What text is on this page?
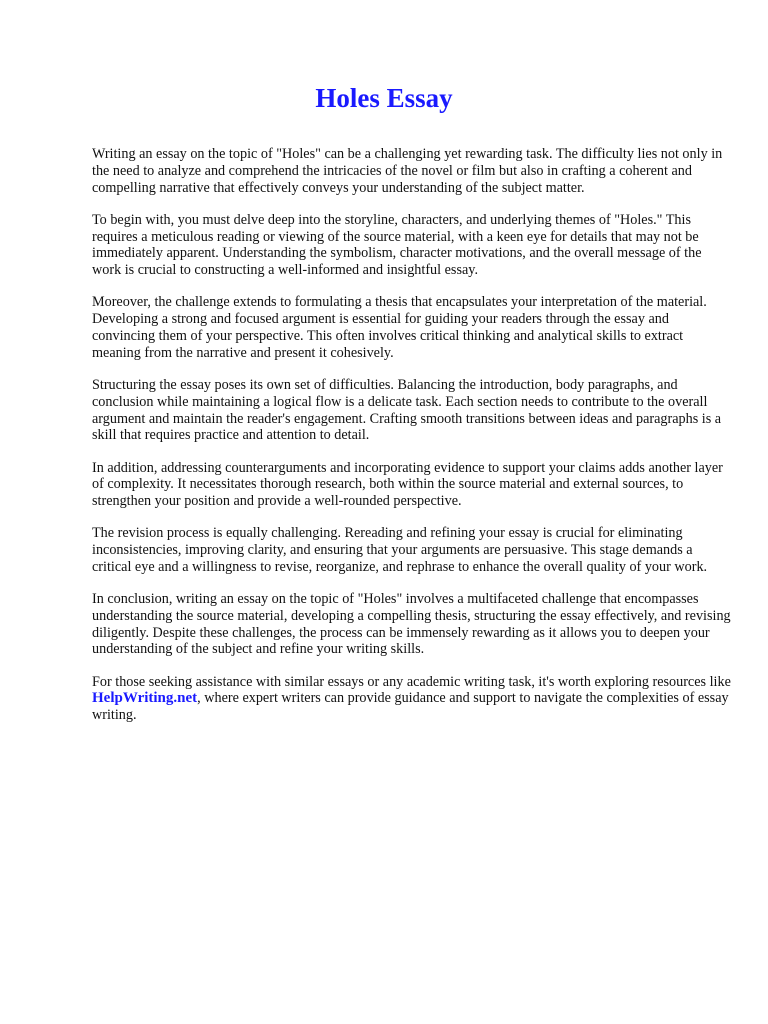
Holes Essay

Writing an essay on the topic of "Holes" can be a challenging yet rewarding task. The difficulty lies not only in the need to analyze and comprehend the intricacies of the novel or film but also in crafting a coherent and compelling narrative that effectively conveys your understanding of the subject matter.

To begin with, you must delve deep into the storyline, characters, and underlying themes of "Holes." This requires a meticulous reading or viewing of the source material, with a keen eye for details that may not be immediately apparent. Understanding the symbolism, character motivations, and the overall message of the work is crucial to constructing a well-informed and insightful essay.

Moreover, the challenge extends to formulating a thesis that encapsulates your interpretation of the material. Developing a strong and focused argument is essential for guiding your readers through the essay and convincing them of your perspective. This often involves critical thinking and analytical skills to extract meaning from the narrative and present it cohesively.

Structuring the essay poses its own set of difficulties. Balancing the introduction, body paragraphs, and conclusion while maintaining a logical flow is a delicate task. Each section needs to contribute to the overall argument and maintain the reader's engagement. Crafting smooth transitions between ideas and paragraphs is a skill that requires practice and attention to detail.

In addition, addressing counterarguments and incorporating evidence to support your claims adds another layer of complexity. It necessitates thorough research, both within the source material and external sources, to strengthen your position and provide a well-rounded perspective.

The revision process is equally challenging. Rereading and refining your essay is crucial for eliminating inconsistencies, improving clarity, and ensuring that your arguments are persuasive. This stage demands a critical eye and a willingness to revise, reorganize, and rephrase to enhance the overall quality of your work.

In conclusion, writing an essay on the topic of "Holes" involves a multifaceted challenge that encompasses understanding the source material, developing a compelling thesis, structuring the essay effectively, and revising diligently. Despite these challenges, the process can be immensely rewarding as it allows you to deepen your understanding of the subject and refine your writing skills.

For those seeking assistance with similar essays or any academic writing task, it's worth exploring resources like HelpWriting.net, where expert writers can provide guidance and support to navigate the complexities of essay writing.
